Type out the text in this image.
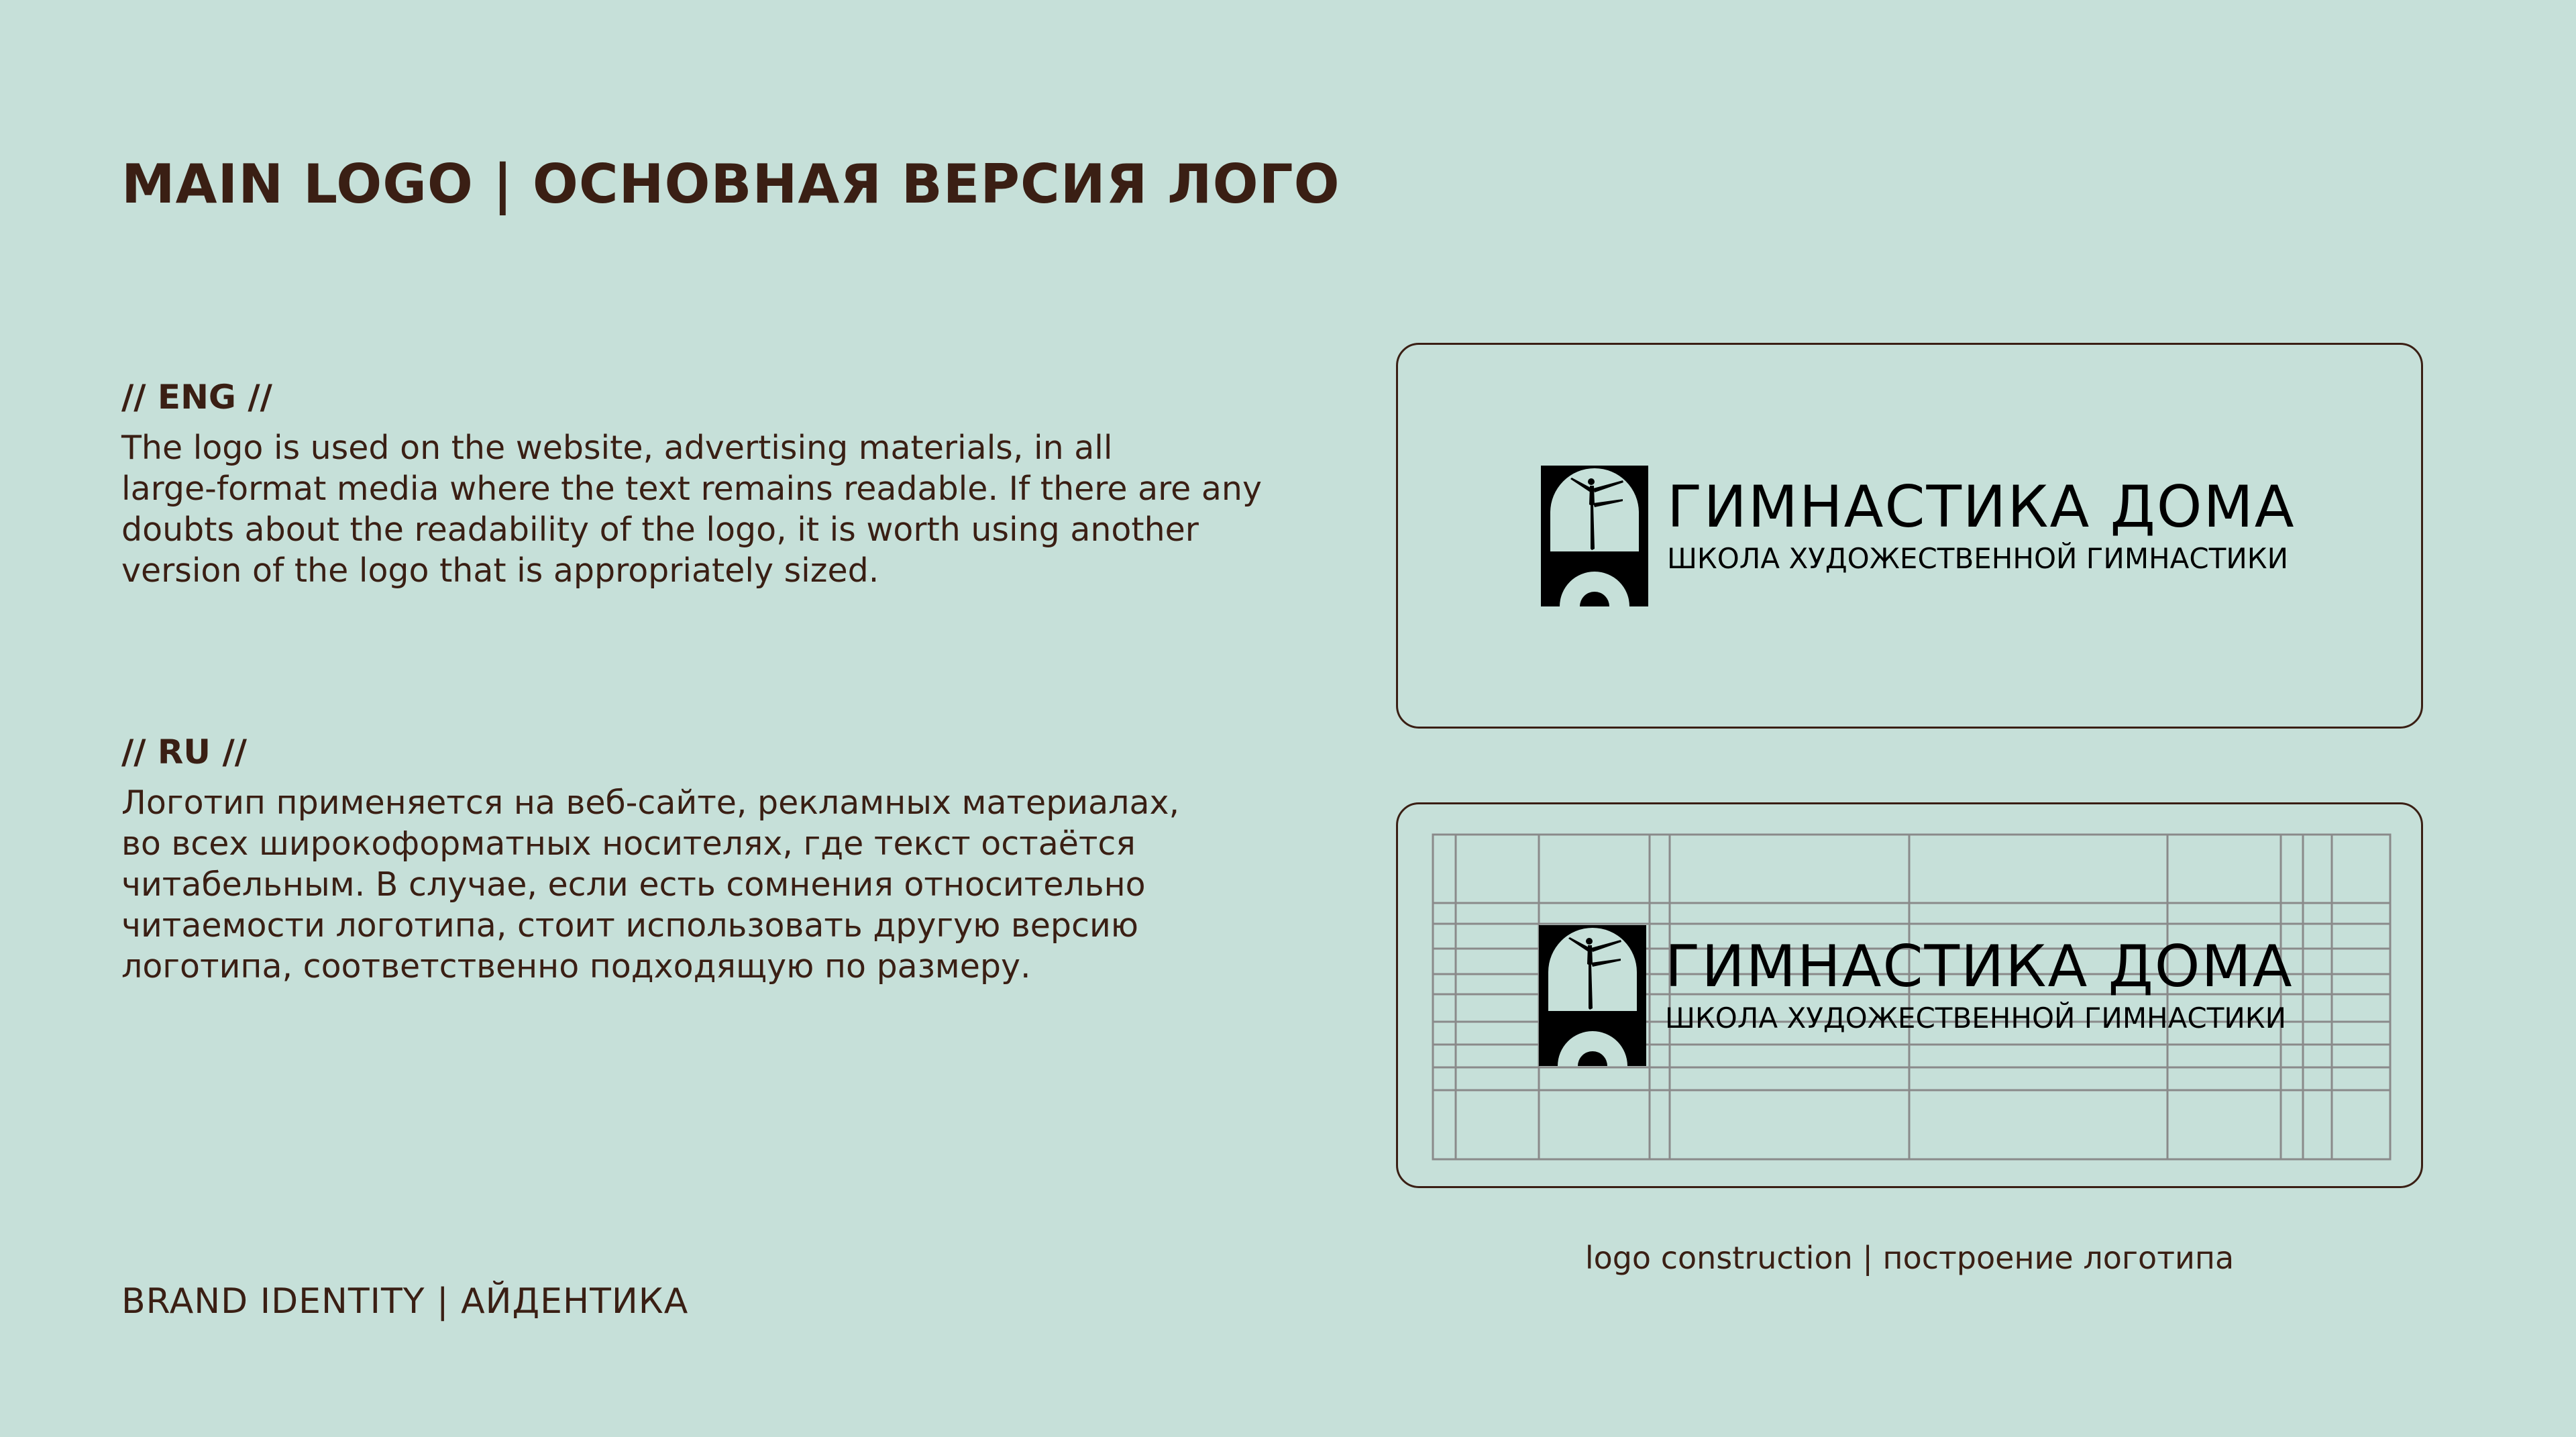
MAIN LOGO | ОСНОВНАЯ ВЕРСИЯ ЛОГО
// ENG //
The logo is used on the website, advertising materials, in all
large-format media where the text remains readable. If there are any
doubts about the readability of the logo, it is worth using another
version of the logo that is appropriately sized.
// RU //
Логотип применяется на веб-сайте, рекламных материалах,
во всех широкоформатных носителях, где текст остаётся
читабельным. В случае, если есть сомнения относительно
читаемости логотипа, стоит использовать другую версию
логотипа, соответственно подходящую по размеру.
BRAND IDENTITY | АЙДЕНТИКА
ГИМНАСТИКА ДОМА
ШКОЛА ХУДОЖЕСТВЕННОЙ ГИМНАСТИКИ
ГИМНАСТИКА ДОМА
ШКОЛА ХУДОЖЕСТВЕННОЙ ГИМНАСТИКИ
logo construction | построение логотипа
